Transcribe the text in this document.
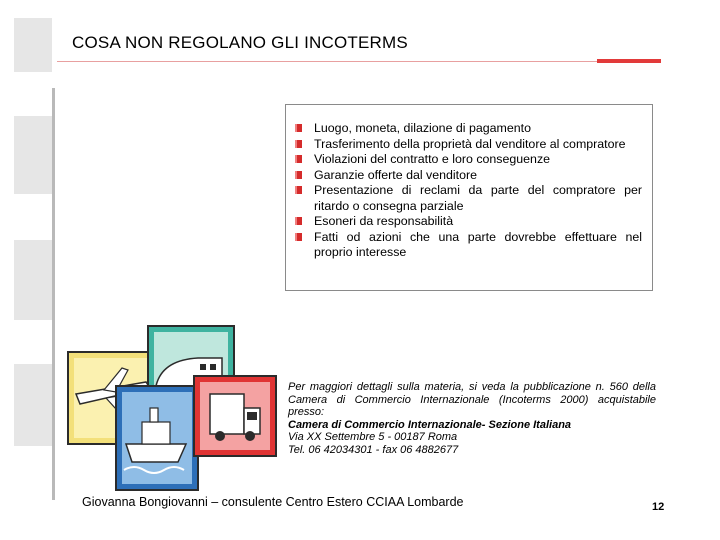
COSA NON REGOLANO GLI INCOTERMS
Luogo, moneta, dilazione di pagamento
Trasferimento della proprietà dal venditore al compratore
Violazioni del contratto e loro conseguenze
Garanzie offerte dal venditore
Presentazione di reclami da parte del compratore per ritardo o consegna parziale
Esoneri da responsabilità
Fatti od azioni che una parte dovrebbe effettuare nel proprio interesse
Per maggiori dettagli sulla materia, si veda la pubblicazione n. 560 della Camera di Commercio Internazionale (Incoterms 2000) acquistabile presso:
Camera di Commercio Internazionale- Sezione Italiana
Via XX Settembre 5 - 00187 Roma
Tel. 06 42034301 - fax 06 4882677
Giovanna Bongiovanni – consulente Centro Estero CCIAA Lombarde	12
